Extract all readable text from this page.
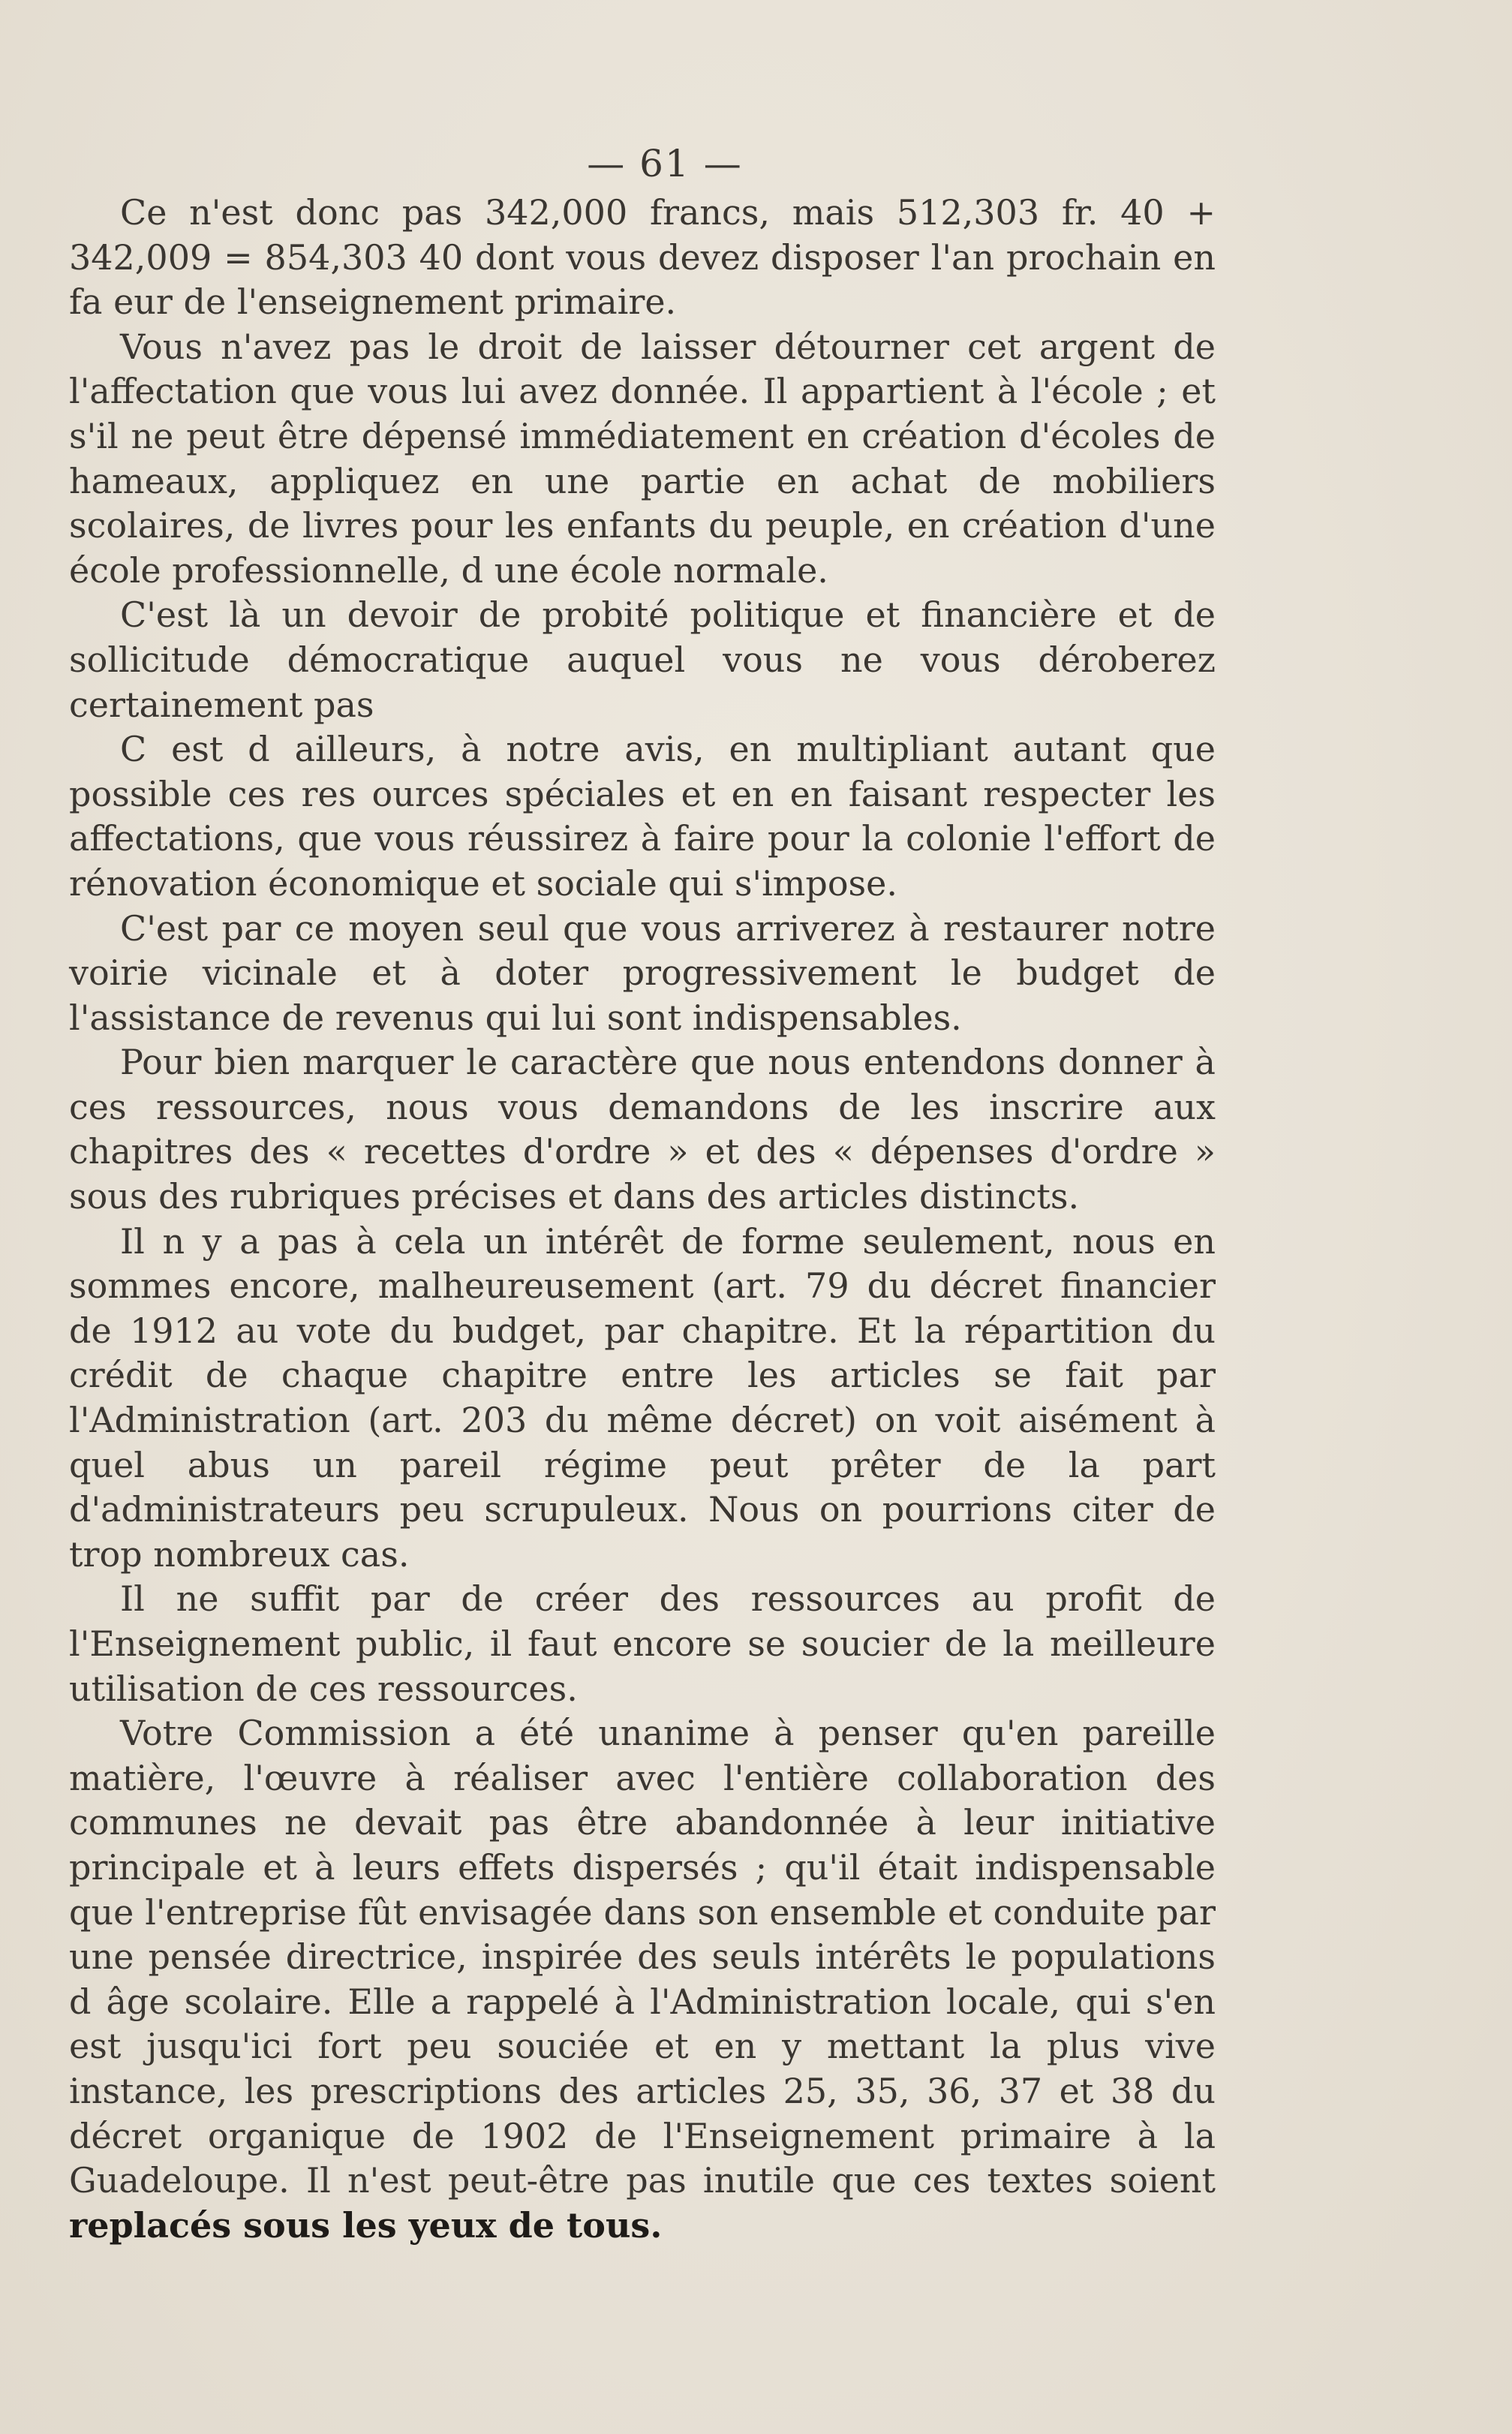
— 61 —

Ce n'est donc pas 342,000 francs, mais 512,303 fr. 40 + 342,009 = 854,303 40 dont vous devez disposer l'an prochain en fa eur de l'enseignement primaire.

Vous n'avez pas le droit de laisser détourner cet argent de l'affectation que vous lui avez donnée. Il appartient à l'école ; et s'il ne peut être dépensé immédiatement en création d'écoles de hameaux, appliquez en une partie en achat de mobiliers scolaires, de livres pour les enfants du peuple, en création d'une école professionnelle, d une école normale.

C'est là un devoir de probité politique et financière et de sollicitude démocratique auquel vous ne vous déroberez certainement pas

C est d ailleurs, à notre avis, en multipliant autant que possible ces res ources spéciales et en en faisant respecter les affectations, que vous réussirez à faire pour la colonie l'effort de rénovation économique et sociale qui s'impose.

C'est par ce moyen seul que vous arriverez à restaurer notre voirie vicinale et à doter progressivement le budget de l'assistance de revenus qui lui sont indispensables.

Pour bien marquer le caractère que nous entendons donner à ces ressources, nous vous demandons de les inscrire aux chapitres des « recettes d'ordre » et des « dépenses d'ordre » sous des rubriques précises et dans des articles distincts.

Il n y a pas à cela un intérêt de forme seulement, nous en sommes encore, malheureusement (art. 79 du décret financier de 1912 au vote du budget, par chapitre. Et la répartition du crédit de chaque chapitre entre les articles se fait par l'Administration (art. 203 du même décret) on voit aisément à quel abus un pareil régime peut prêter de la part d'administrateurs peu scrupuleux. Nous on pourrions citer de trop nombreux cas.

Il ne suffit par de créer des ressources au profit de l'Enseignement public, il faut encore se soucier de la meilleure utilisation de ces ressources.

Votre Commission a été unanime à penser qu'en pareille matière, l'œuvre à réaliser avec l'entière collaboration des communes ne devait pas être abandonnée à leur initiative principale et à leurs effets dispersés ; qu'il était indispensable que l'entreprise fût envisagée dans son ensemble et conduite par une pensée directrice, inspirée des seuls intérêts le populations d âge scolaire. Elle a rappelé à l'Administration locale, qui s'en est jusqu'ici fort peu souciée et en y mettant la plus vive instance, les prescriptions des articles 25, 35, 36, 37 et 38 du décret organique de 1902 de l'Enseignement primaire à la Guadeloupe. Il n'est peut-être pas inutile que ces textes soient replacés sous les yeux de tous.
